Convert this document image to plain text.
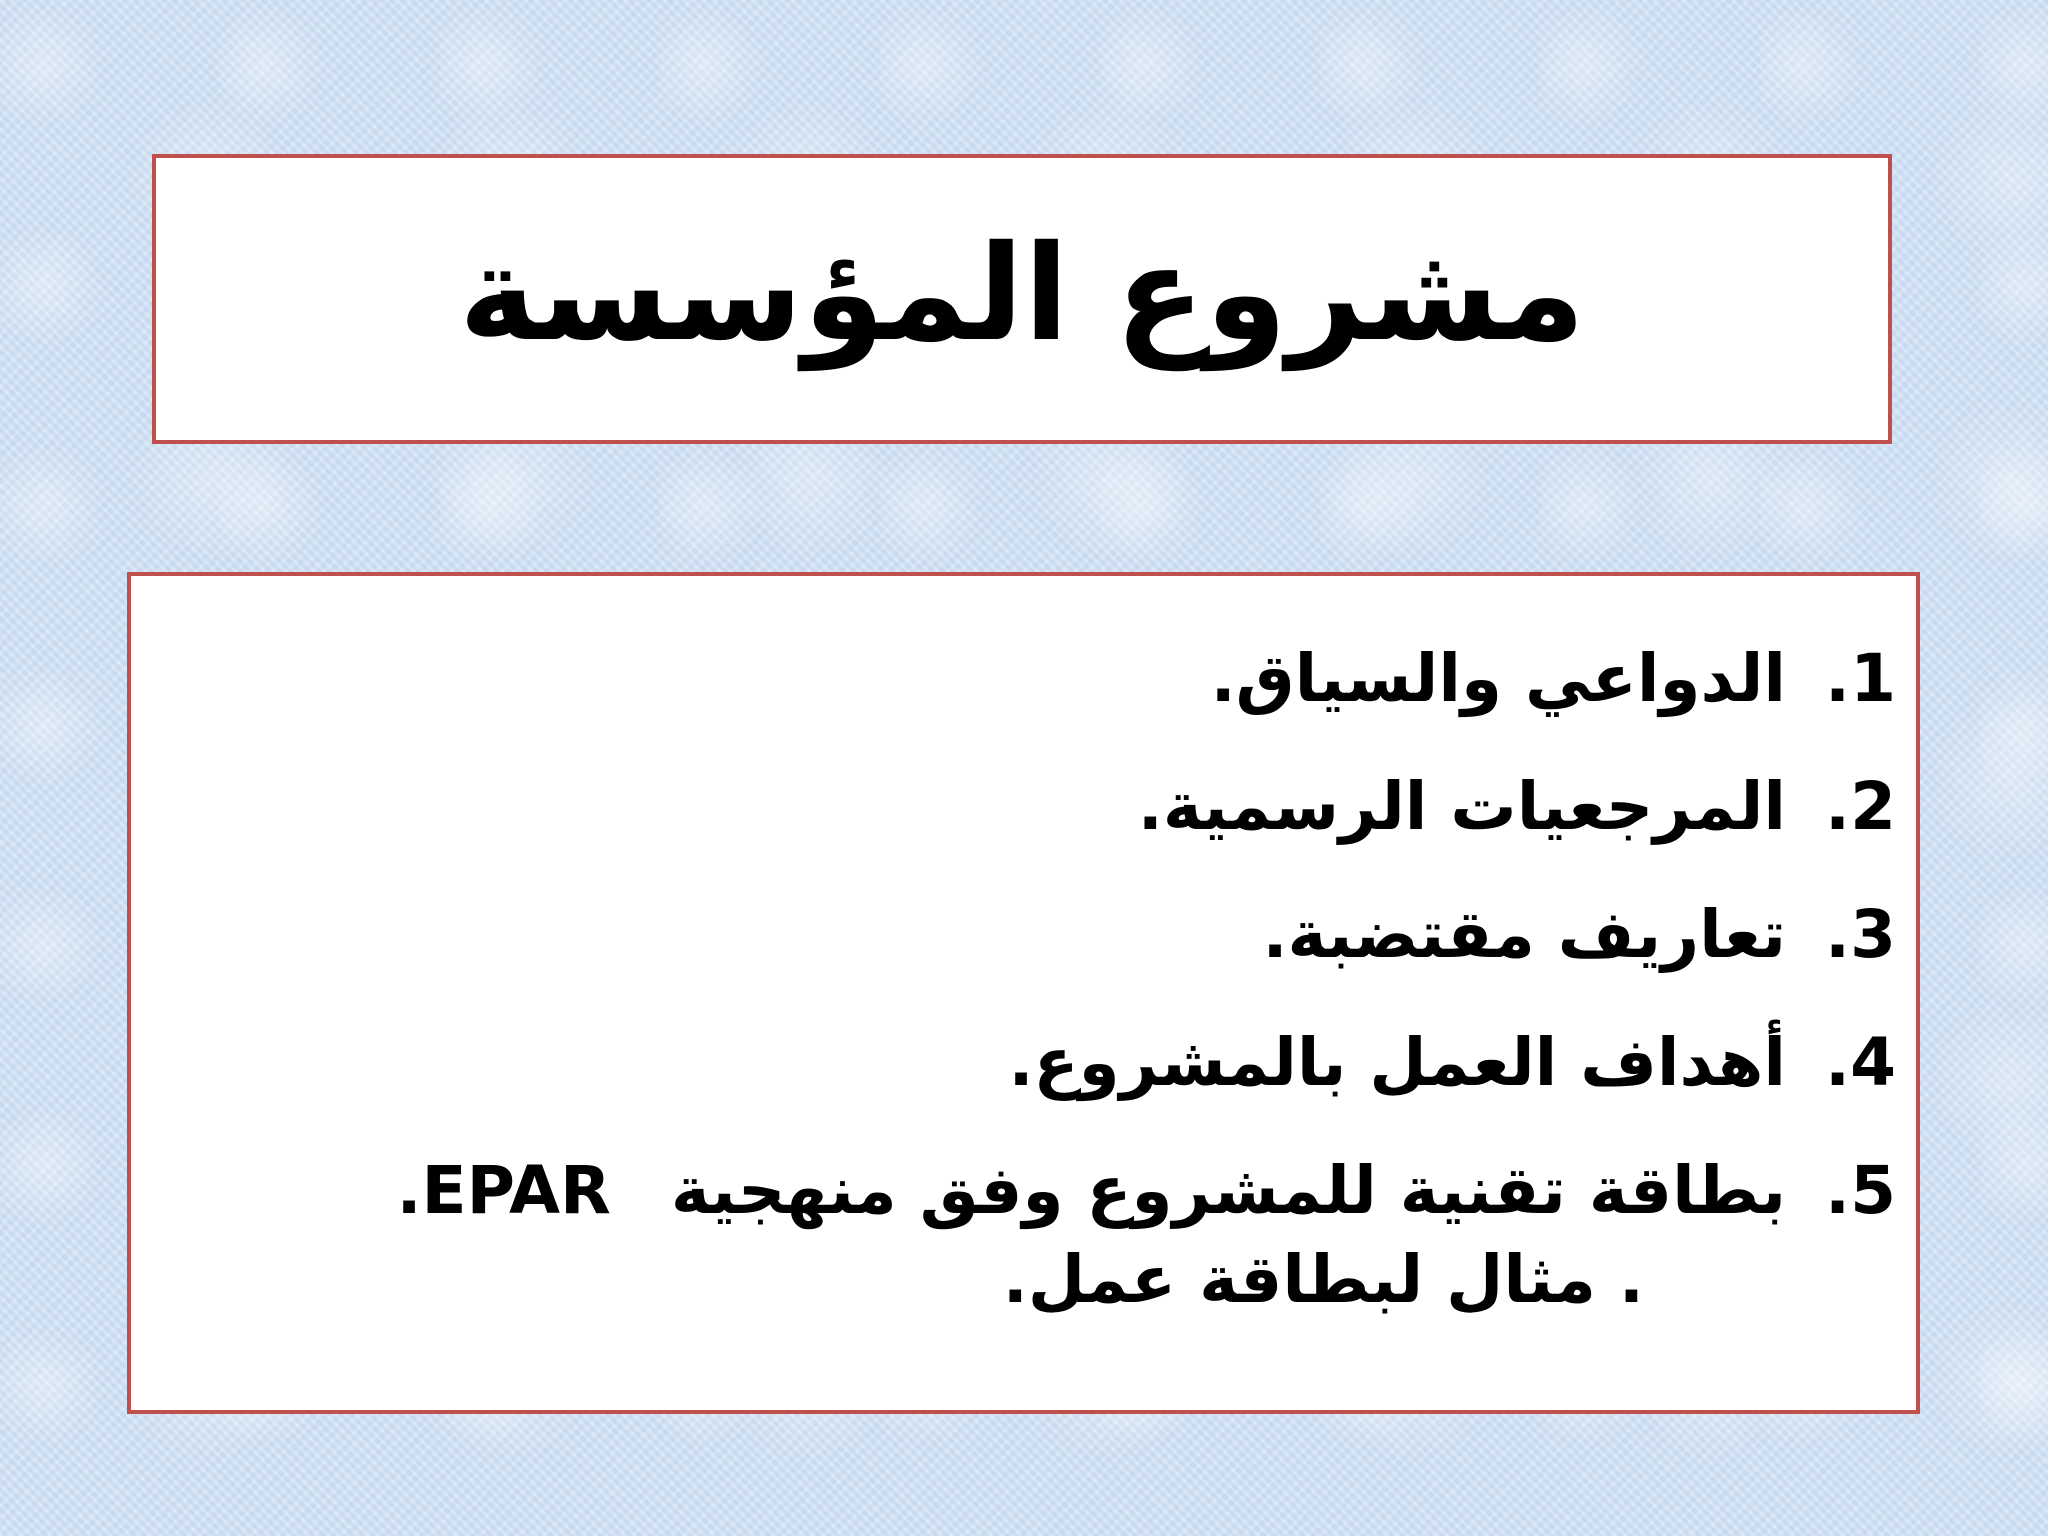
مشروع المؤسسة
.1
الدواعي والسياق.
.2
المرجعيات الرسمية.
.3
تعاريف مقتضبة.
.4
أهداف العمل بالمشروع.
.5
بطاقة تقنية للمشروع وفق منهجية
.EPAR
. مثال لبطاقة عمل.
